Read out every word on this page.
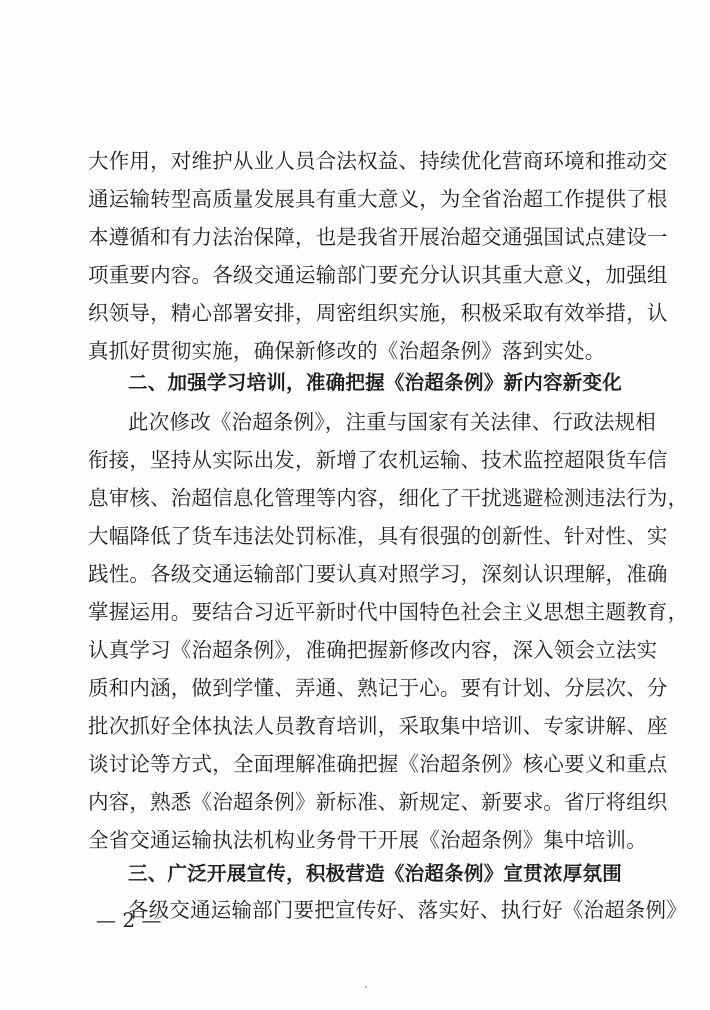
大作用，对维护从业人员合法权益、持续优化营商环境和推动交
通运输转型高质量发展具有重大意义，为全省治超工作提供了根
本遵循和有力法治保障，也是我省开展治超交通强国试点建设一
项重要内容。各级交通运输部门要充分认识其重大意义，加强组
织领导，精心部署安排，周密组织实施，积极采取有效举措，认
真抓好贯彻实施，确保新修改的《治超条例》落到实处。
二、加强学习培训，准确把握《治超条例》新内容新变化
此次修改《治超条例》，注重与国家有关法律、行政法规相
衔接，坚持从实际出发，新增了农机运输、技术监控超限货车信
息审核、治超信息化管理等内容，细化了干扰逃避检测违法行为，
大幅降低了货车违法处罚标准，具有很强的创新性、针对性、实
践性。各级交通运输部门要认真对照学习，深刻认识理解，准确
掌握运用。要结合习近平新时代中国特色社会主义思想主题教育，
认真学习《治超条例》，准确把握新修改内容，深入领会立法实
质和内涵，做到学懂、弄通、熟记于心。要有计划、分层次、分
批次抓好全体执法人员教育培训，采取集中培训、专家讲解、座
谈讨论等方式，全面理解准确把握《治超条例》核心要义和重点
内容，熟悉《治超条例》新标准、新规定、新要求。省厅将组织
全省交通运输执法机构业务骨干开展《治超条例》集中培训。
三、广泛开展宣传，积极营造《治超条例》宣贯浓厚氛围
各级交通运输部门要把宣传好、落实好、执行好《治超条例》
— 2 —
